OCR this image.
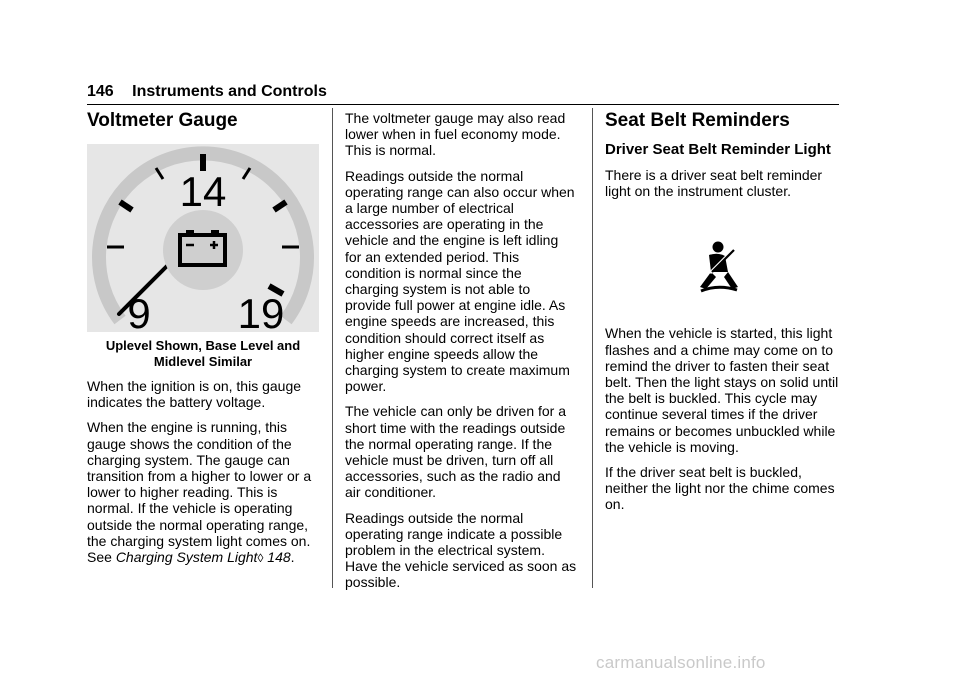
146 Instruments and Controls
Voltmeter Gauge
14
9 19
Uplevel Shown, Base Level and Midlevel Similar

When the ignition is on, this gauge indicates the battery voltage.

When the engine is running, this gauge shows the condition of the charging system. The gauge can transition from a higher to lower or a lower to higher reading. This is normal. If the vehicle is operating outside the normal operating range, the charging system light comes on. See Charging System Light◊ 148.

The voltmeter gauge may also read lower when in fuel economy mode. This is normal.

Readings outside the normal operating range can also occur when a large number of electrical accessories are operating in the vehicle and the engine is left idling for an extended period. This condition is normal since the charging system is not able to provide full power at engine idle. As engine speeds are increased, this condition should correct itself as higher engine speeds allow the charging system to create maximum power.

The vehicle can only be driven for a short time with the readings outside the normal operating range. If the vehicle must be driven, turn off all accessories, such as the radio and air conditioner.

Readings outside the normal operating range indicate a possible problem in the electrical system. Have the vehicle serviced as soon as possible.

Seat Belt Reminders
Driver Seat Belt Reminder Light

There is a driver seat belt reminder light on the instrument cluster.

When the vehicle is started, this light flashes and a chime may come on to remind the driver to fasten their seat belt. Then the light stays on solid until the belt is buckled. This cycle may continue several times if the driver remains or becomes unbuckled while the vehicle is moving.

If the driver seat belt is buckled, neither the light nor the chime comes on.

carmanualsonline.info
